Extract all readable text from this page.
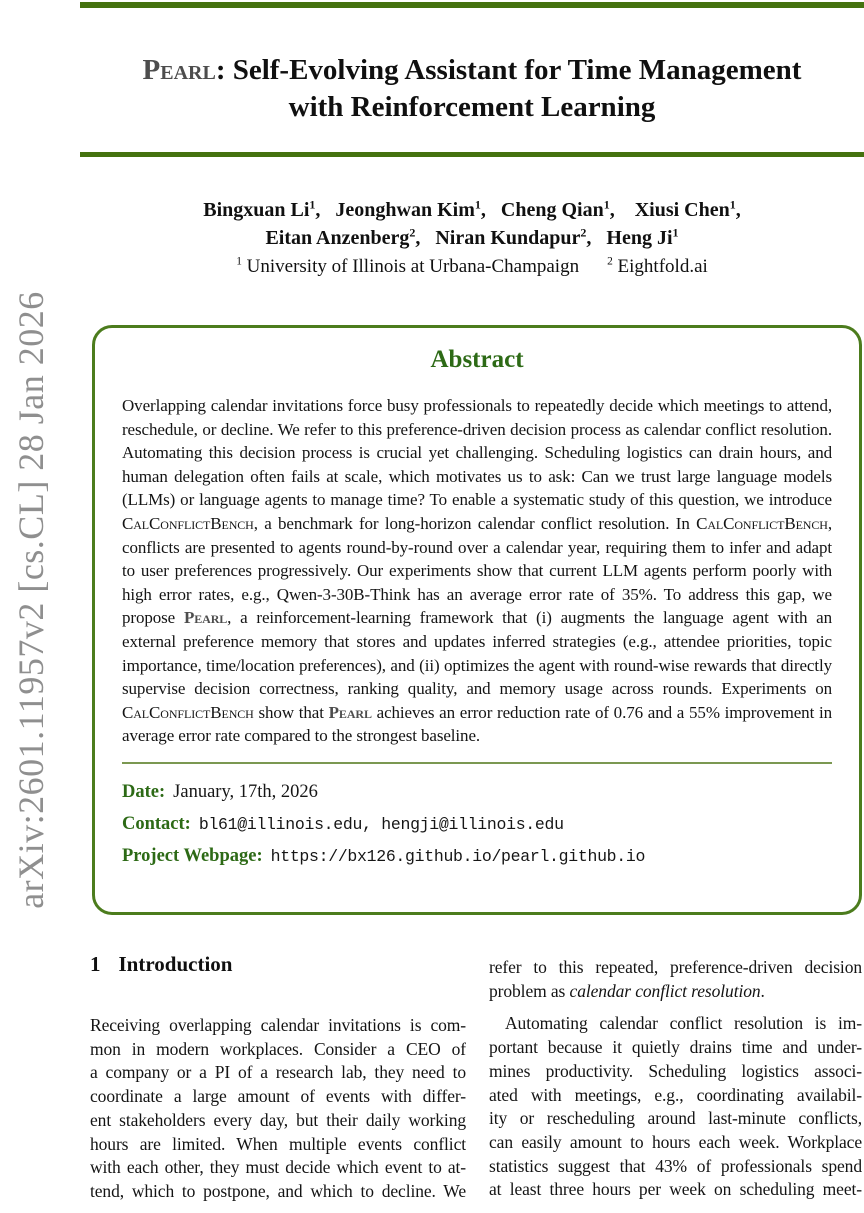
arXiv:2601.11957v2 [cs.CL] 28 Jan 2026
Pearl: Self-Evolving Assistant for Time Management
with Reinforcement Learning
Bingxuan Li$^1$,  Jeonghwan Kim$^1$,  Cheng Qian$^1$,  Xiusi Chen$^1$,
Eitan Anzenberg$^2$,  Niran Kundapur$^2$,  Heng Ji$^1$
$^1$ University of Illinois at Urbana-Champaign $^2$ Eightfold.ai
Abstract
Overlapping calendar invitations force busy professionals to repeatedly decide which meetings to attend, reschedule, or decline. We refer to this preference-driven decision process as calendar conflict resolution. Automating this decision process is crucial yet challenging. Scheduling logistics can drain hours, and human delegation often fails at scale, which motivates us to ask: Can we trust large language models (LLMs) or language agents to manage time? To enable a systematic study of this question, we introduce CalConflictBench, a benchmark for long-horizon calendar conflict resolution. In CalConflictBench, conflicts are presented to agents round-by-round over a calendar year, requiring them to infer and adapt to user preferences progressively. Our experiments show that current LLM agents perform poorly with high error rates, e.g., Qwen-3-30B-Think has an average error rate of 35%. To address this gap, we propose Pearl, a reinforcement-learning framework that (i) augments the language agent with an external preference memory that stores and updates inferred strategies (e.g., attendee priorities, topic importance, time/location preferences), and (ii) optimizes the agent with round-wise rewards that directly supervise decision correctness, ranking quality, and memory usage across rounds. Experiments on CalConflictBench show that Pearl achieves an error reduction rate of 0.76 and a 55% improvement in average error rate compared to the strongest baseline.
Date: January, 17th, 2026
Contact: bl61@illinois.edu, hengji@illinois.edu
Project Webpage: https://bx126.github.io/pearl.github.io
1 Introduction
Receiving overlapping calendar invitations is com-
mon in modern workplaces. Consider a CEO of
a company or a PI of a research lab, they need to
coordinate a large amount of events with differ-
ent stakeholders every day, but their daily working
hours are limited. When multiple events conflict
with each other, they must decide which event to at-
tend, which to postpone, and which to decline. We
refer to this repeated, preference-driven decision
problem as calendar conflict resolution.
Automating calendar conflict resolution is im-
portant because it quietly drains time and under-
mines productivity. Scheduling logistics associ-
ated with meetings, e.g., coordinating availabil-
ity or rescheduling around last-minute conflicts,
can easily amount to hours each week. Workplace
statistics suggest that 43% of professionals spend
at least three hours per week on scheduling meet-
